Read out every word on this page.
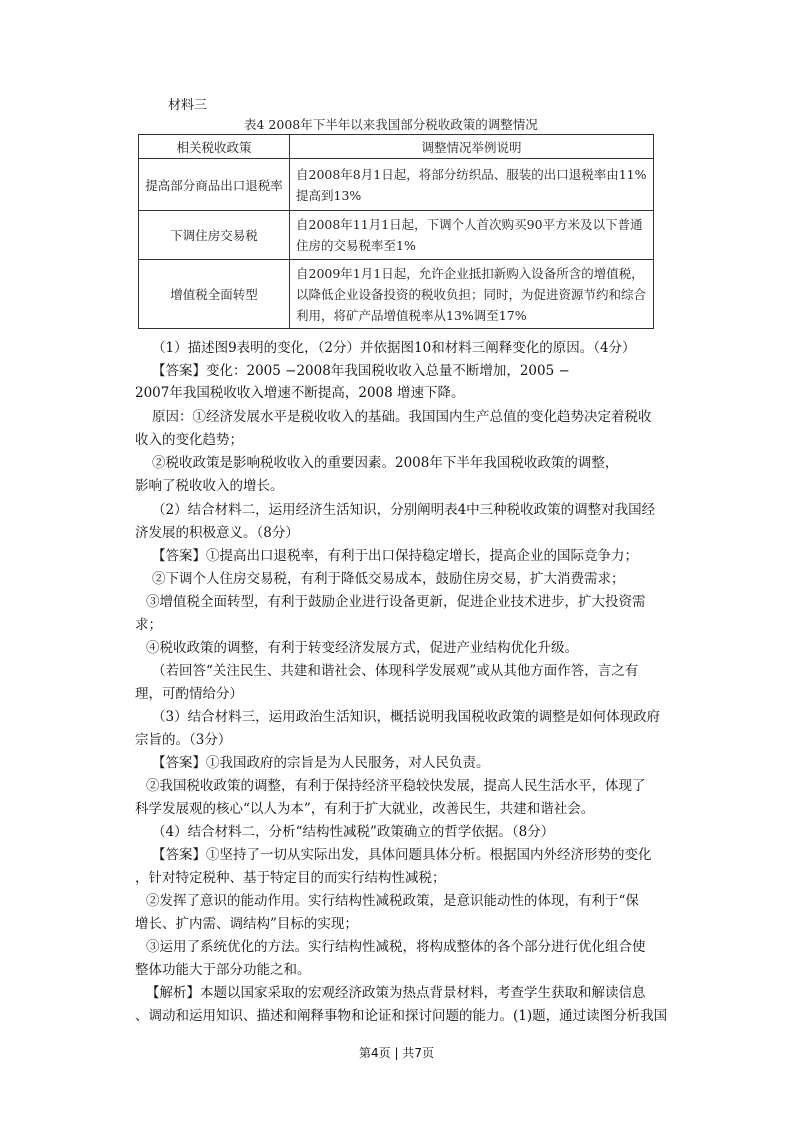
材料三
表4 2008年下半年以来我国部分税收政策的调整情况
相关税收政策	调整情况举例说明
提高部分商品出口退税率	自2008年8月1日起，将部分纺织品、服装的出口退税率由11%提高到13%
下调住房交易税	自2008年11月1日起，下调个人首次购买90平方米及以下普通住房的交易税率至1%
增值税全面转型	自2009年1月1日起，允许企业抵扣新购入设备所含的增值税，以降低企业设备投资的税收负担；同时，为促进资源节约和综合利用，将矿产品增值税率从13%调至17%
（1）描述图9表明的变化，（2分）并依据图10和材料三阐释变化的原因。（4分）
【答案】变化：2005 −2008年我国税收收入总量不断增加，2005 −
2007年我国税收收入增速不断提高，2008 增速下降。
原因：①经济发展水平是税收收入的基础。我国国内生产总值的变化趋势决定着税收
收入的变化趋势；
②税收政策是影响税收收入的重要因素。2008年下半年我国税收政策的调整，
影响了税收收入的增长。
（2）结合材料二，运用经济生活知识，分别阐明表4中三种税收政策的调整对我国经
济发展的积极意义。（8分）
【答案】①提高出口退税率，有利于出口保持稳定增长，提高企业的国际竞争力；
②下调个人住房交易税，有利于降低交易成本，鼓励住房交易，扩大消费需求；
③增值税全面转型，有利于鼓励企业进行设备更新，促进企业技术进步，扩大投资需
求；
④税收政策的调整，有利于转变经济发展方式，促进产业结构优化升级。
（若回答“关注民生、共建和谐社会、体现科学发展观”或从其他方面作答，言之有
理，可酌情给分）
（3）结合材料三，运用政治生活知识，概括说明我国税收政策的调整是如何体现政府
宗旨的。（3分）
【答案】①我国政府的宗旨是为人民服务，对人民负责。
②我国税收政策的调整，有利于保持经济平稳较快发展，提高人民生活水平，体现了
科学发展观的核心“以人为本”，有利于扩大就业，改善民生，共建和谐社会。
（4）结合材料二，分析“结构性减税”政策确立的哲学依据。（8分）
【答案】①坚持了一切从实际出发，具体问题具体分析。根据国内外经济形势的变化
，针对特定税种、基于特定目的而实行结构性减税；
②发挥了意识的能动作用。实行结构性减税政策，是意识能动性的体现，有利于“保
增长、扩内需、调结构”目标的实现；
③运用了系统优化的方法。实行结构性减税，将构成整体的各个部分进行优化组合使
整体功能大于部分功能之和。
【解析】本题以国家采取的宏观经济政策为热点背景材料，考查学生获取和解读信息
、调动和运用知识、描述和阐释事物和论证和探讨问题的能力。(1)题，通过读图分析我国
第4页 | 共7页
